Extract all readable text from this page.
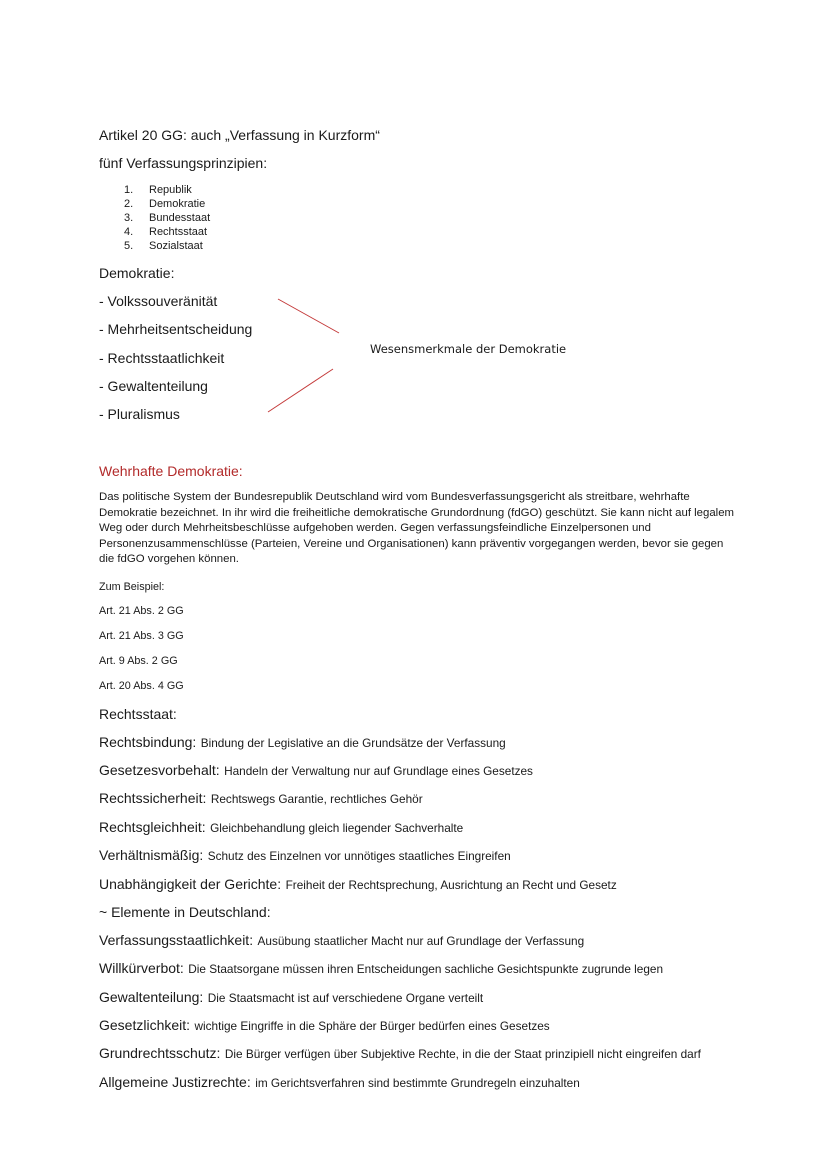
Artikel 20 GG: auch „Verfassung in Kurzform“
fünf Verfassungsprinzipien:
1. Republik
2. Demokratie
3. Bundesstaat
4. Rechtsstaat
5. Sozialstaat
Demokratie:
- Volkssouveränität
- Mehrheitsentscheidung
- Rechtsstaatlichkeit
- Gewaltenteilung
- Pluralismus
Wesensmerkmale der Demokratie
Wehrhafte Demokratie:
Das politische System der Bundesrepublik Deutschland wird vom Bundesverfassungsgericht als streitbare, wehrhafte Demokratie bezeichnet. In ihr wird die freiheitliche demokratische Grundordnung (fdGO) geschützt. Sie kann nicht auf legalem Weg oder durch Mehrheitsbeschlüsse aufgehoben werden. Gegen verfassungsfeindliche Einzelpersonen und Personenzusammenschlüsse (Parteien, Vereine und Organisationen) kann präventiv vorgegangen werden, bevor sie gegen die fdGO vorgehen können.
Zum Beispiel:
Art. 21 Abs. 2 GG
Art. 21 Abs. 3 GG
Art. 9 Abs. 2 GG
Art. 20 Abs. 4 GG
Rechtsstaat:
Rechtsbindung: Bindung der Legislative an die Grundsätze der Verfassung
Gesetzesvorbehalt: Handeln der Verwaltung nur auf Grundlage eines Gesetzes
Rechtssicherheit: Rechtswegs Garantie, rechtliches Gehör
Rechtsgleichheit: Gleichbehandlung gleich liegender Sachverhalte
Verhältnismäßig: Schutz des Einzelnen vor unnötiges staatliches Eingreifen
Unabhängigkeit der Gerichte: Freiheit der Rechtsprechung, Ausrichtung an Recht und Gesetz
~ Elemente in Deutschland:
Verfassungsstaatlichkeit: Ausübung staatlicher Macht nur auf Grundlage der Verfassung
Willkürverbot: Die Staatsorgane müssen ihren Entscheidungen sachliche Gesichtspunkte zugrunde legen
Gewaltenteilung: Die Staatsmacht ist auf verschiedene Organe verteilt
Gesetzlichkeit: wichtige Eingriffe in die Sphäre der Bürger bedürfen eines Gesetzes
Grundrechtsschutz: Die Bürger verfügen über Subjektive Rechte, in die der Staat prinzipiell nicht eingreifen darf
Allgemeine Justizrechte: im Gerichtsverfahren sind bestimmte Grundregeln einzuhalten
